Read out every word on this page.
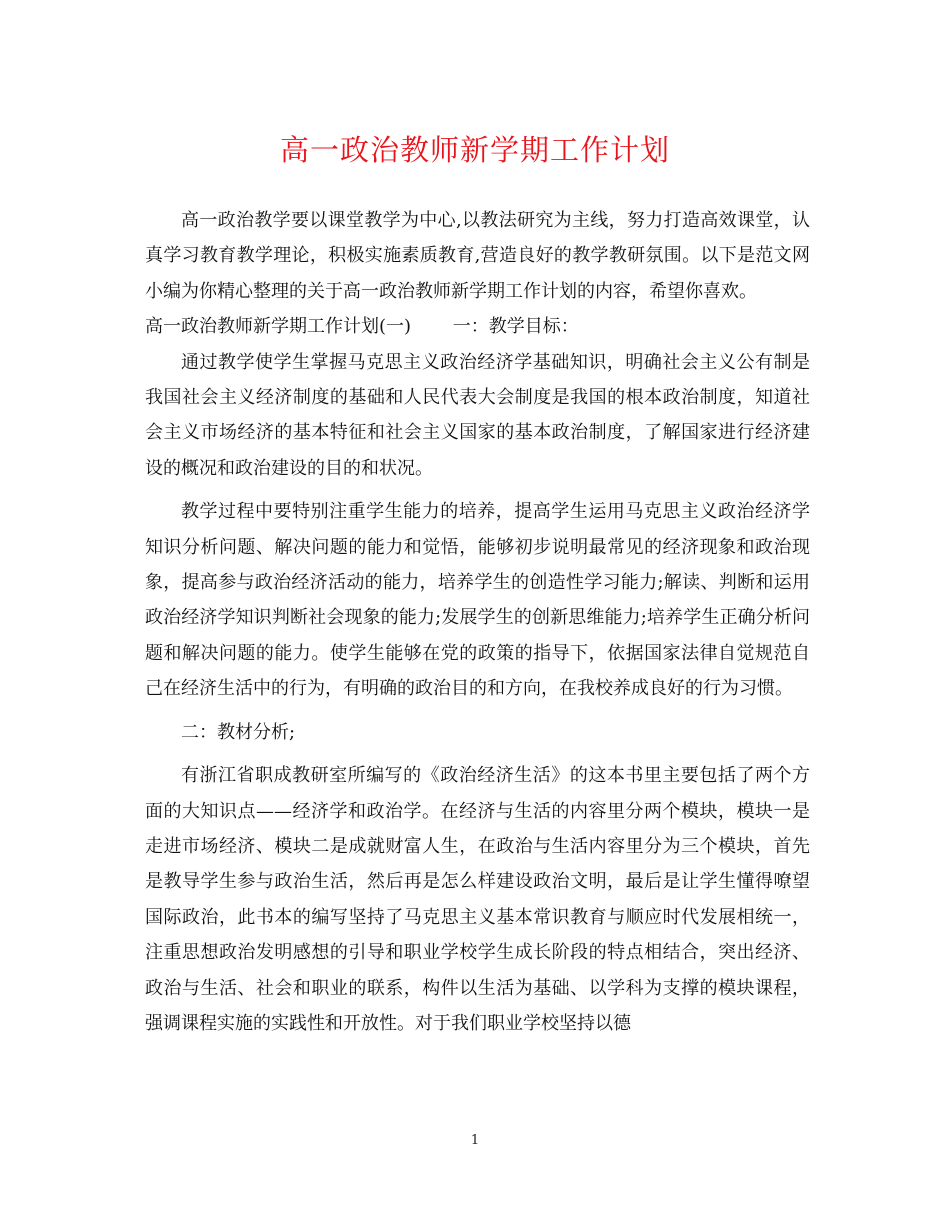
高一政治教师新学期工作计划

高一政治教学要以课堂教学为中心,以教法研究为主线，努力打造高效课堂，认真学习教育教学理论，积极实施素质教育,营造良好的教学教研氛围。以下是范文网小编为你精心整理的关于高一政治教师新学期工作计划的内容，希望你喜欢。

高一政治教师新学期工作计划(一)　　 一：教学目标：

通过教学使学生掌握马克思主义政治经济学基础知识，明确社会主义公有制是我国社会主义经济制度的基础和人民代表大会制度是我国的根本政治制度，知道社会主义市场经济的基本特征和社会主义国家的基本政治制度，了解国家进行经济建设的概况和政治建设的目的和状况。

教学过程中要特别注重学生能力的培养，提高学生运用马克思主义政治经济学知识分析问题、解决问题的能力和觉悟，能够初步说明最常见的经济现象和政治现象，提高参与政治经济活动的能力，培养学生的创造性学习能力;解读、判断和运用政治经济学知识判断社会现象的能力;发展学生的创新思维能力;培养学生正确分析问题和解决问题的能力。使学生能够在党的政策的指导下，依据国家法律自觉规范自己在经济生活中的行为，有明确的政治目的和方向，在我校养成良好的行为习惯。

二：教材分析;

有浙江省职成教研室所编写的《政治经济生活》的这本书里主要包括了两个方面的大知识点——经济学和政治学。在经济与生活的内容里分两个模块，模块一是走进市场经济、模块二是成就财富人生，在政治与生活内容里分为三个模块，首先是教导学生参与政治生活，然后再是怎么样建设政治文明，最后是让学生懂得嘹望国际政治，此书本的编写坚持了马克思主义基本常识教育与顺应时代发展相统一，注重思想政治发明感想的引导和职业学校学生成长阶段的特点相结合，突出经济、政治与生活、社会和职业的联系，构件以生活为基础、以学科为支撑的模块课程，强调课程实施的实践性和开放性。对于我们职业学校坚持以德

1
